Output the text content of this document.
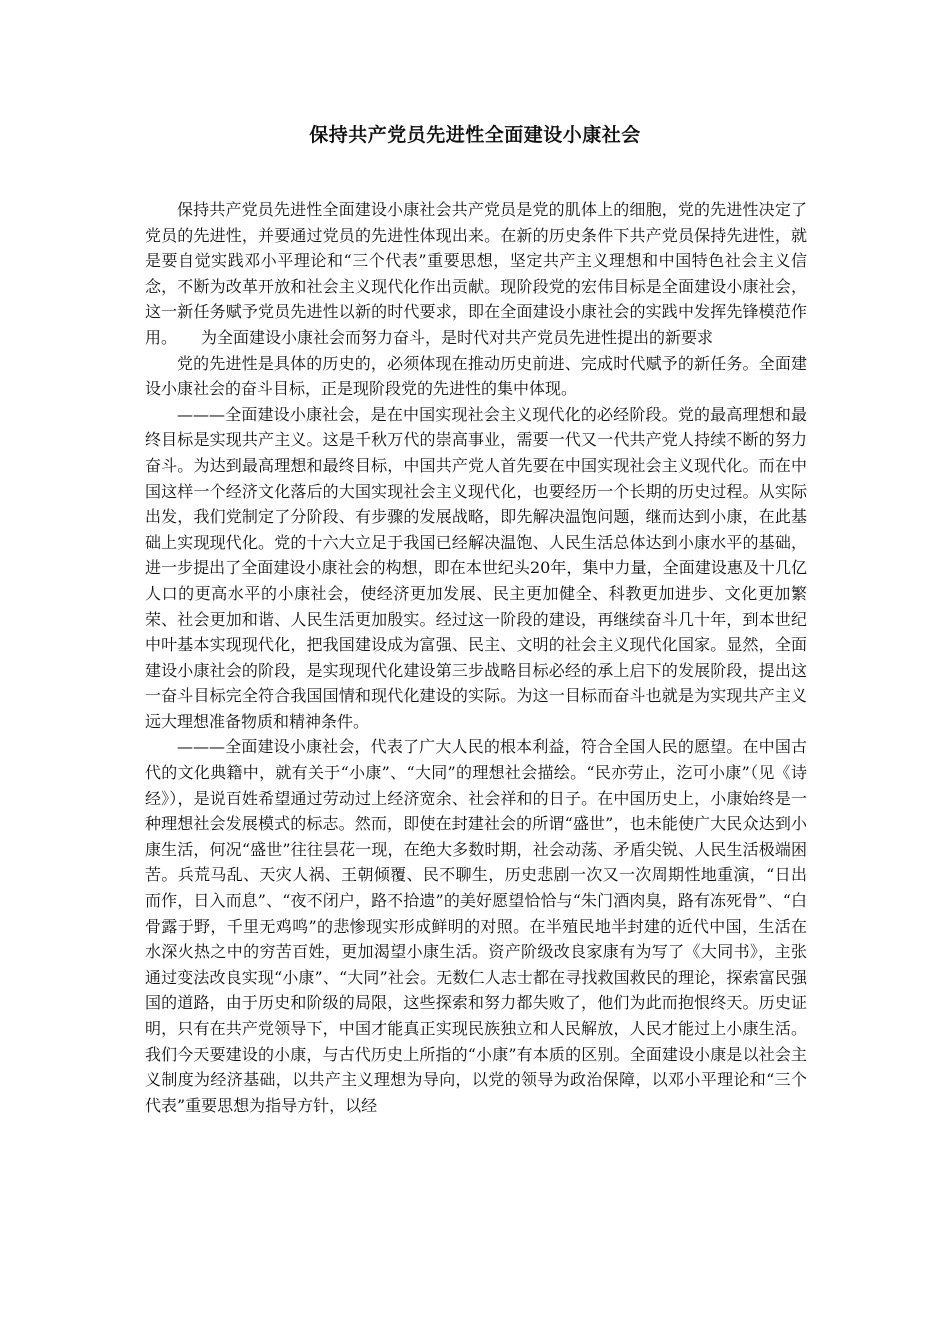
保持共产党员先进性全面建设小康社会

保持共产党员先进性全面建设小康社会共产党员是党的肌体上的细胞，党的先进性决定了党员的先进性，并要通过党员的先进性体现出来。在新的历史条件下共产党员保持先进性，就是要自觉实践邓小平理论和“三个代表”重要思想，坚定共产主义理想和中国特色社会主义信念，不断为改革开放和社会主义现代化作出贡献。现阶段党的宏伟目标是全面建设小康社会，这一新任务赋予党员先进性以新的时代要求，即在全面建设小康社会的实践中发挥先锋模范作用。　　为全面建设小康社会而努力奋斗，是时代对共产党员先进性提出的新要求

党的先进性是具体的历史的，必须体现在推动历史前进、完成时代赋予的新任务。全面建设小康社会的奋斗目标，正是现阶段党的先进性的集中体现。

———全面建设小康社会，是在中国实现社会主义现代化的必经阶段。党的最高理想和最终目标是实现共产主义。这是千秋万代的崇高事业，需要一代又一代共产党人持续不断的努力奋斗。为达到最高理想和最终目标，中国共产党人首先要在中国实现社会主义现代化。而在中国这样一个经济文化落后的大国实现社会主义现代化，也要经历一个长期的历史过程。从实际出发，我们党制定了分阶段、有步骤的发展战略，即先解决温饱问题，继而达到小康，在此基础上实现现代化。党的十六大立足于我国已经解决温饱、人民生活总体达到小康水平的基础，进一步提出了全面建设小康社会的构想，即在本世纪头20年，集中力量，全面建设惠及十几亿人口的更高水平的小康社会，使经济更加发展、民主更加健全、科教更加进步、文化更加繁荣、社会更加和谐、人民生活更加殷实。经过这一阶段的建设，再继续奋斗几十年，到本世纪中叶基本实现现代化，把我国建设成为富强、民主、文明的社会主义现代化国家。显然，全面建设小康社会的阶段，是实现现代化建设第三步战略目标必经的承上启下的发展阶段，提出这一奋斗目标完全符合我国国情和现代化建设的实际。为这一目标而奋斗也就是为实现共产主义远大理想准备物质和精神条件。

———全面建设小康社会，代表了广大人民的根本利益，符合全国人民的愿望。在中国古代的文化典籍中，就有关于“小康”、“大同”的理想社会描绘。“民亦劳止，汔可小康”（见《诗经》），是说百姓希望通过劳动过上经济宽余、社会祥和的日子。在中国历史上，小康始终是一种理想社会发展模式的标志。然而，即使在封建社会的所谓“盛世”，也未能使广大民众达到小康生活，何况“盛世”往往昙花一现，在绝大多数时期，社会动荡、矛盾尖锐、人民生活极端困苦。兵荒马乱、天灾人祸、王朝倾覆、民不聊生，历史悲剧一次又一次周期性地重演，“日出而作，日入而息”、“夜不闭户，路不拾遗”的美好愿望恰恰与“朱门酒肉臭，路有冻死骨”、“白骨露于野，千里无鸡鸣”的悲惨现实形成鲜明的对照。在半殖民地半封建的近代中国，生活在水深火热之中的穷苦百姓，更加渴望小康生活。资产阶级改良家康有为写了《大同书》，主张通过变法改良实现“小康”、“大同”社会。无数仁人志士都在寻找救国救民的理论，探索富民强国的道路，由于历史和阶级的局限，这些探索和努力都失败了，他们为此而抱恨终天。历史证明，只有在共产党领导下，中国才能真正实现民族独立和人民解放，人民才能过上小康生活。我们今天要建设的小康，与古代历史上所指的“小康”有本质的区别。全面建设小康是以社会主义制度为经济基础，以共产主义理想为导向，以党的领导为政治保障，以邓小平理论和“三个代表”重要思想为指导方针，以经
